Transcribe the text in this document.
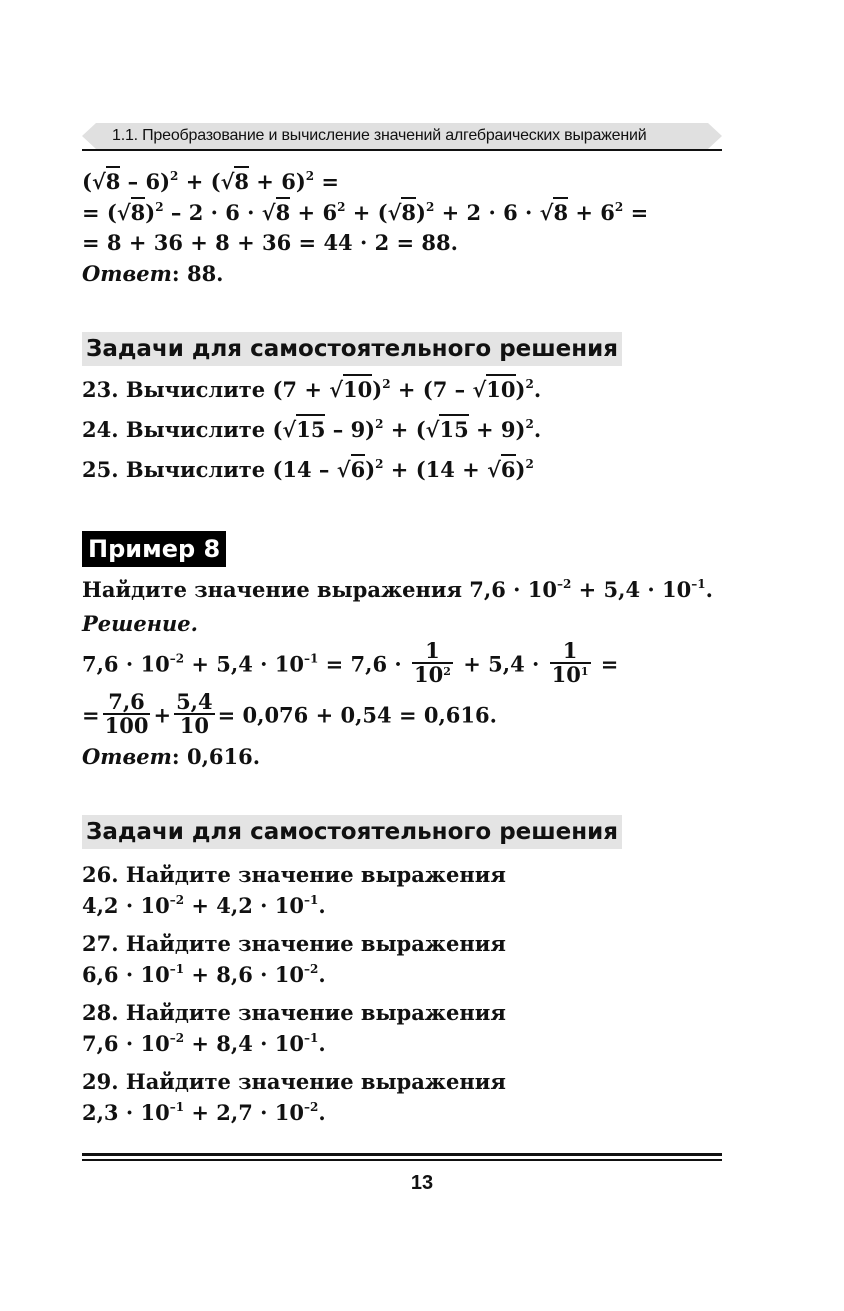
1.1. Преобразование и вычисление значений алгебраических выражений
$(√8 - 6)^2 + (√8 + 6)^2$ =
= $(√8)^2 - 2 \cdot 6 \cdot √8 + 6^2 + (√8)^2 + 2 \cdot 6 \cdot √8 + 6^2$ =
= 8 + 36 + 8 + 36 = 44 · 2 = 88.
Ответ: 88.
Задачи для самостоятельного решения
23. Вычислите $(7 + √10)^2 + (7 - √10)^2$.
24. Вычислите $(√15 - 9)^2 + (√15 + 9)^2$.
25. Вычислите $(14 - √6)^2 + (14 + √6)^2$
Пример 8
Найдите значение выражения $7,6 \cdot 10^{-2} + 5,4 \cdot 10^{-1}$.
Решение.
$7,6 \cdot 10^{-2} + 5,4 \cdot 10^{-1} = 7,6 \cdot \frac{1}{10^2} + 5,4 \cdot \frac{1}{10^1}$ =
= $\frac{7,6}{100} + \frac{5,4}{10} = 0,076 + 0,54 = 0,616$.
Ответ: 0,616.
Задачи для самостоятельного решения
26. Найдите значение выражения
$4,2 \cdot 10^{-2} + 4,2 \cdot 10^{-1}$.
27. Найдите значение выражения
$6,6 \cdot 10^{-1} + 8,6 \cdot 10^{-2}$.
28. Найдите значение выражения
$7,6 \cdot 10^{-2} + 8,4 \cdot 10^{-1}$.
29. Найдите значение выражения
$2,3 \cdot 10^{-1} + 2,7 \cdot 10^{-2}$.
13
